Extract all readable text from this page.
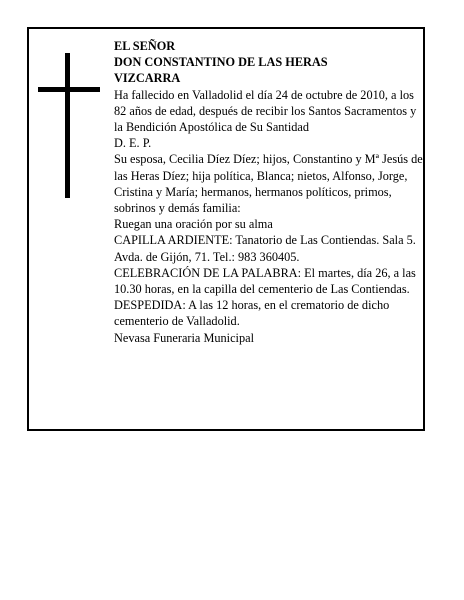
EL SEÑOR

DON CONSTANTINO DE LAS HERAS

VIZCARRA

Ha fallecido en Valladolid el día 24 de octubre de 2010, a los 82 años de edad, después de recibir los Santos Sacramentos y la Bendición Apostólica de Su Santidad

D. E. P.

Su esposa, Cecilia Díez Díez; hijos, Constantino y Mª Jesús de las Heras Díez; hija política, Blanca; nietos, Alfonso, Jorge, Cristina y María; hermanos, hermanos políticos, primos, sobrinos y demás familia:

Ruegan una oración por su alma

CAPILLA ARDIENTE: Tanatorio de Las Contiendas. Sala 5. Avda. de Gijón, 71. Tel.: 983 360405.

CELEBRACIÓN DE LA PALABRA: El martes, día 26, a las 10.30 horas, en la capilla del cementerio de Las Contiendas.

DESPEDIDA: A las 12 horas, en el crematorio de dicho cementerio de Valladolid.

Nevasa Funeraria Municipal
